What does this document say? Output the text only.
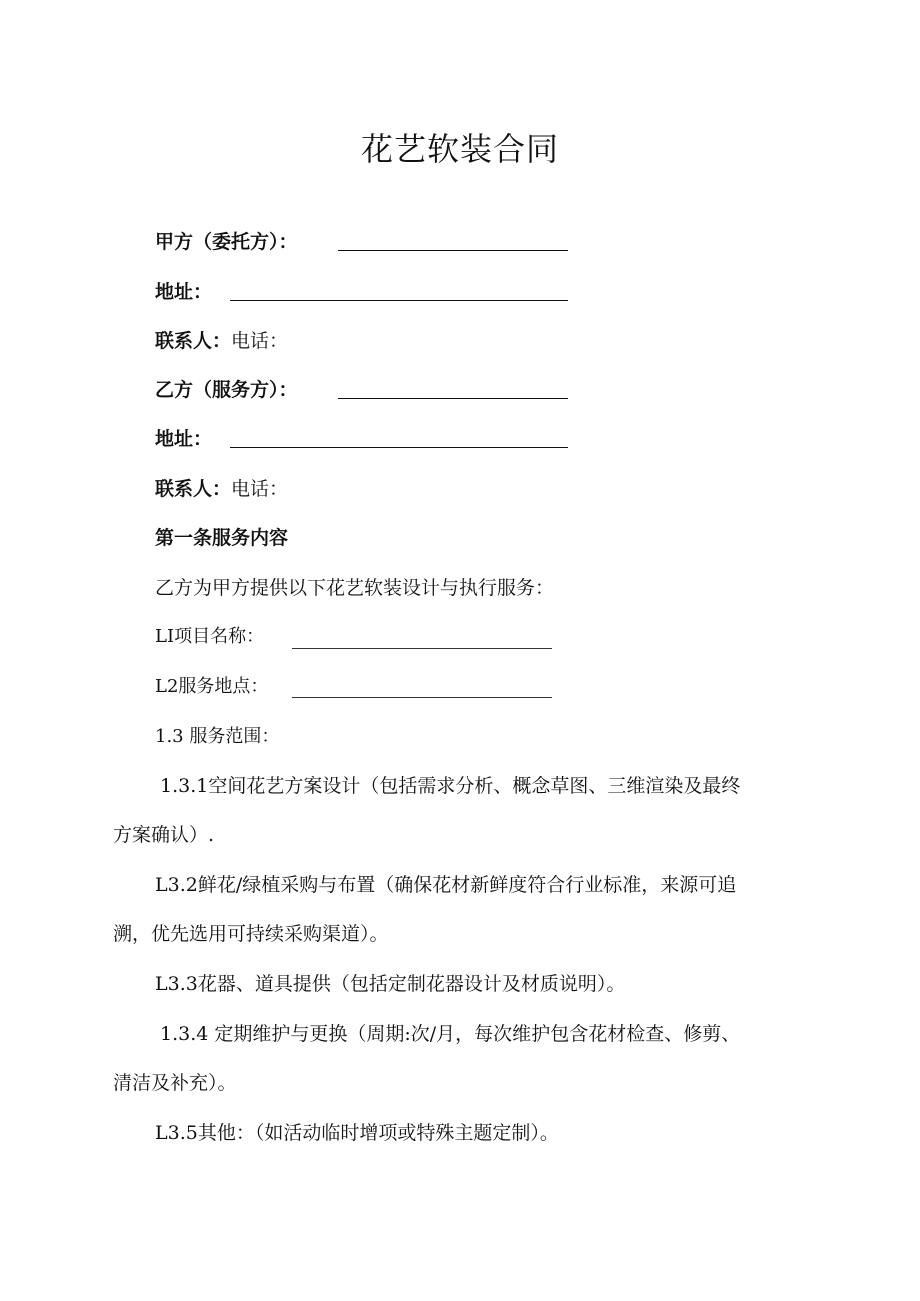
花艺软装合同
甲方（委托方）：
地址：
联系人： 电话：
乙方（服务方）：
地址：
联系人： 电话：
第一条服务内容
乙方为甲方提供以下花艺软装设计与执行服务：
LI项目名称：
L2服务地点：
1.3 服务范围：
1.3.1空间花艺方案设计（包括需求分析、概念草图、三维渲染及最终
方案确认）.
L3.2鲜花/绿植采购与布置（确保花材新鲜度符合行业标准，来源可追
溯，优先选用可持续采购渠道）。
L3.3花器、道具提供（包括定制花器设计及材质说明）。
1.3.4 定期维护与更换（周期:次/月，每次维护包含花材检查、修剪、
清洁及补充）。
L3.5其他：（如活动临时增项或特殊主题定制）。
